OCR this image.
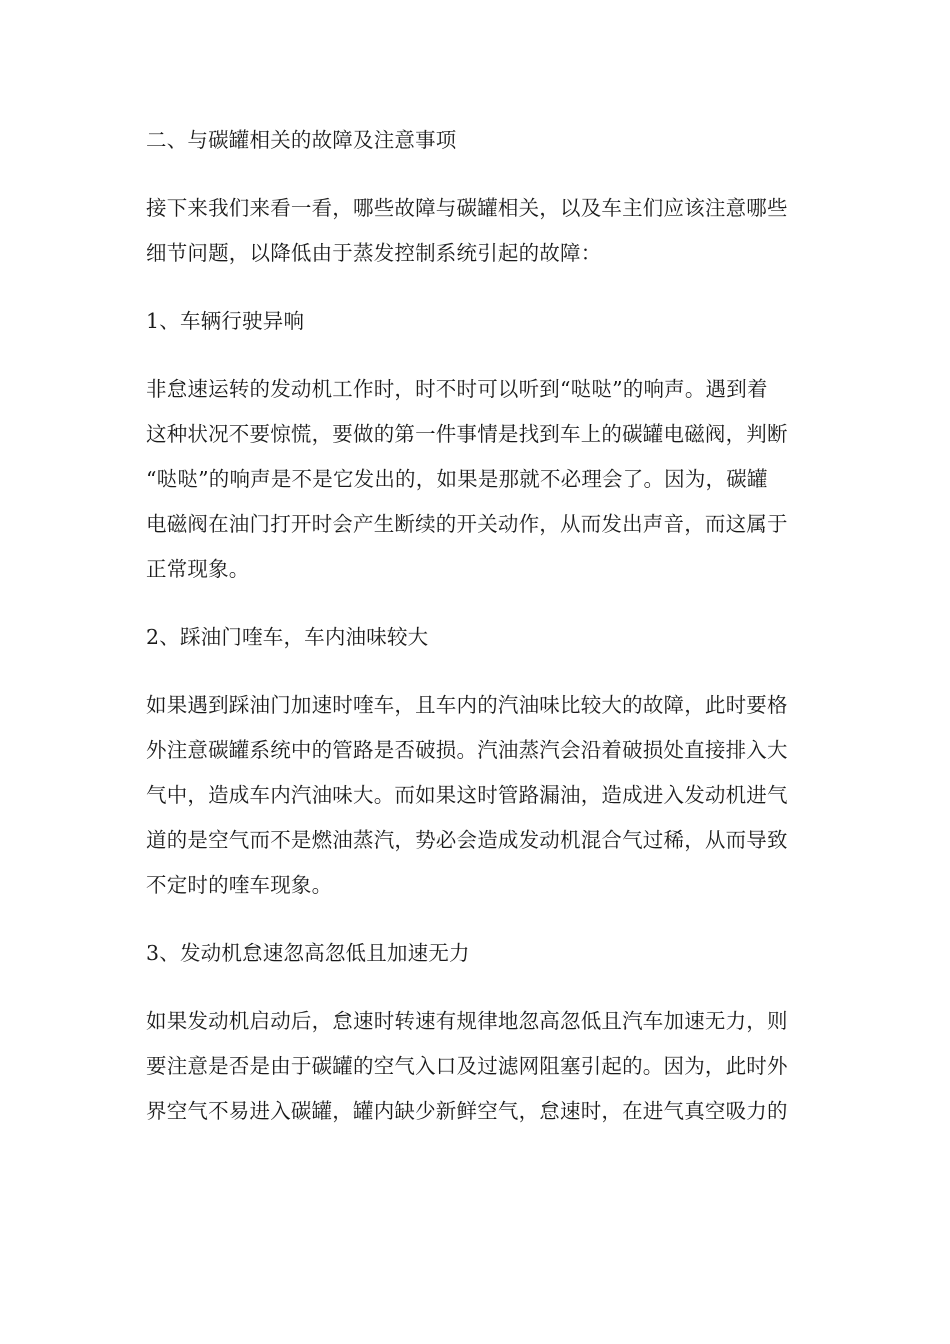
二、与碳罐相关的故障及注意事项

接下来我们来看一看，哪些故障与碳罐相关，以及车主们应该注意哪些
细节问题，以降低由于蒸发控制系统引起的故障：

1、车辆行驶异响

非怠速运转的发动机工作时，时不时可以听到“哒哒”的响声。遇到着
这种状况不要惊慌，要做的第一件事情是找到车上的碳罐电磁阀，判断
“哒哒”的响声是不是它发出的，如果是那就不必理会了。因为，碳罐
电磁阀在油门打开时会产生断续的开关动作，从而发出声音，而这属于
正常现象。

2、踩油门喹车，车内油味较大

如果遇到踩油门加速时喹车，且车内的汽油味比较大的故障，此时要格
外注意碳罐系统中的管路是否破损。汽油蒸汽会沿着破损处直接排入大
气中，造成车内汽油味大。而如果这时管路漏油，造成进入发动机进气
道的是空气而不是燃油蒸汽，势必会造成发动机混合气过稀，从而导致
不定时的喹车现象。

3、发动机怠速忽高忽低且加速无力

如果发动机启动后，怠速时转速有规律地忽高忽低且汽车加速无力，则
要注意是否是由于碳罐的空气入口及过滤网阻塞引起的。因为，此时外
界空气不易进入碳罐，罐内缺少新鲜空气，怠速时，在进气真空吸力的
